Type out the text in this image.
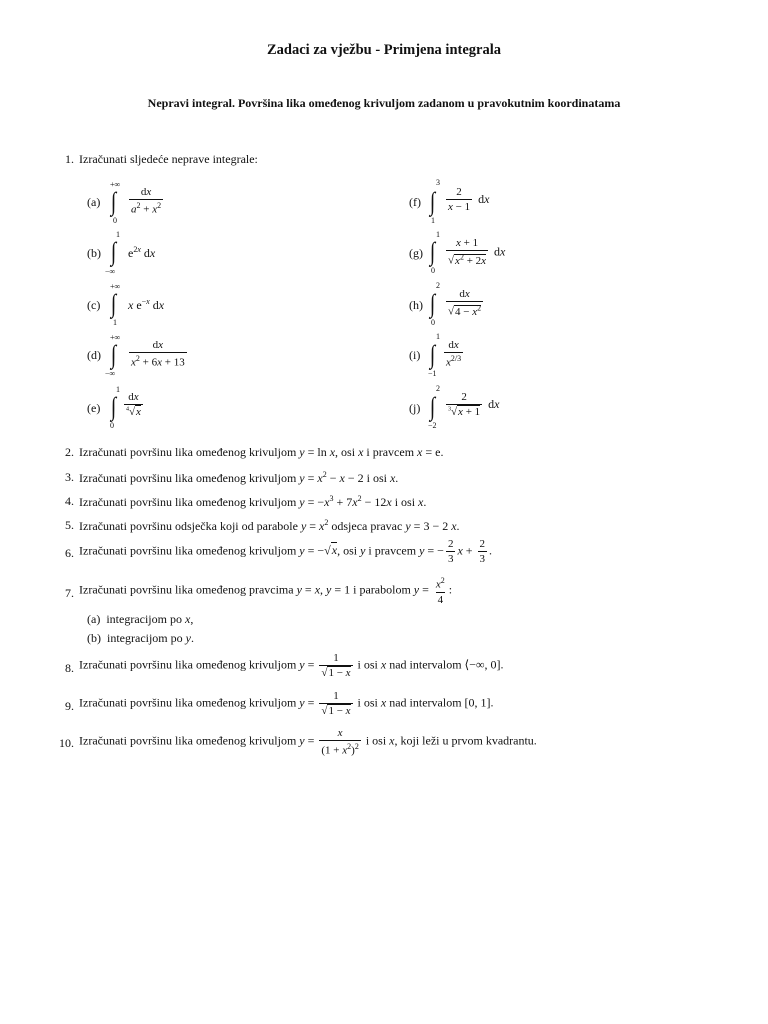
Zadaci za vježbu - Primjena integrala
Nepravi integral. Površina lika omeđenog krivuljom zadanom u pravokutnim koordinatama
1. Izračunati sljedeće neprave integrale:
(a)
+∞
∫
0
$\frac{dx}{a^2 + x^2}$
(b)
1
∫
−∞
$e^{2x}$ dx
(c)
+∞
∫
1
x $e^{-x}$ dx
(d)
+∞
∫
−∞
$\frac{dx}{x^2 + 6x + 13}$
(e)
1
∫
0
$\frac{dx}{^4√x}$
(f)
3
∫
1
$\frac{2}{x - 1}$ dx
(g)
1
∫
0
$\frac{x + 1}{√x^2 + 2x}$ dx
(h)
2
∫
0
$\frac{dx}{√4 - x^2}$
(i)
1
∫
−1
$\frac{dx}{x^{2/3}}$
(j)
2
∫
−2
$\frac{2}{^3√x + 1}$ dx
2. Izračunati površinu lika omeđenog krivuljom y = ln x, osi x i pravcem x = e.
3. Izračunati površinu lika omeđenog krivuljom $y = x^2 - x - 2$ i osi x.
4. Izračunati površinu lika omeđenog krivuljom $y = -x^3 + 7x^2 - 12x$ i osi x.
5. Izračunati površinu odsječka koji od parabole $y = x^2$ odsjeca pravac y = 3 − 2 x.
6. Izračunati površinu lika omeđenog krivuljom y = −√x, osi y i pravcem y = − $\frac{2}{3}$ $x + \frac{2}{3}$ .
7. Izračunati površinu lika omeđenog pravcima y = x, y = 1 i parabolom $y = \frac{x^2}{4}$ :
(a) integracijom po x,
(b) integracijom po y.
8. Izračunati površinu lika omeđenog krivuljom $y = \frac{1}{√1 - x}$ i osi x nad intervalom ⟨−∞, 0].
9. Izračunati površinu lika omeđenog krivuljom $y = \frac{1}{√1 - x}$ i osi x nad intervalom [0, 1].
10. Izračunati površinu lika omeđenog krivuljom $y = \frac{x}{(1 + x^2)^2}$ i osi x, koji leži u prvom kvadrantu.
